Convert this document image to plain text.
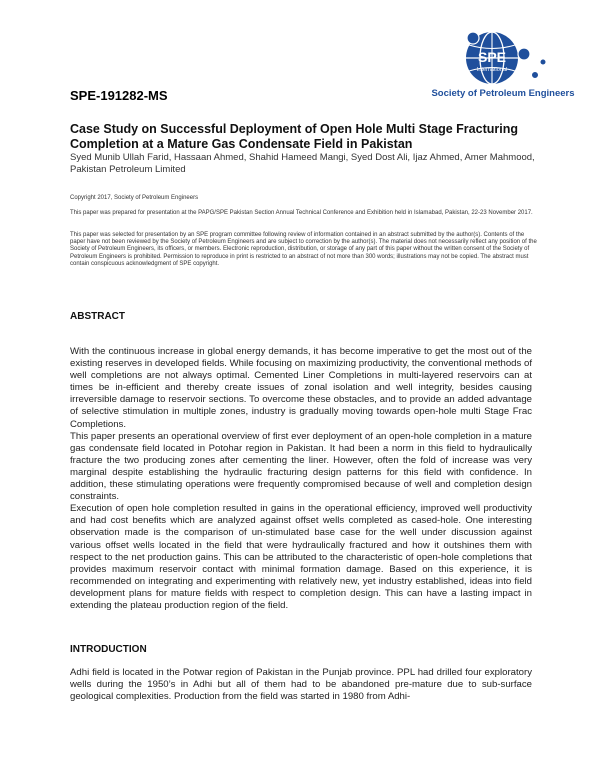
SPE
International
Society of Petroleum Engineers
SPE-191282-MS
Case Study on Successful Deployment of Open Hole Multi Stage Fracturing Completion at a Mature Gas Condensate Field in Pakistan
Syed Munib Ullah Farid, Hassaan Ahmed, Shahid Hameed Mangi, Syed Dost Ali, Ijaz Ahmed, Amer Mahmood, Pakistan Petroleum Limited
Copyright 2017, Society of Petroleum Engineers
This paper was prepared for presentation at the PAPG/SPE Pakistan Section Annual Technical Conference and Exhibition held in Islamabad, Pakistan, 22-23 November 2017.
This paper was selected for presentation by an SPE program committee following review of information contained in an abstract submitted by the author(s). Contents of the paper have not been reviewed by the Society of Petroleum Engineers and are subject to correction by the author(s). The material does not necessarily reflect any position of the Society of Petroleum Engineers, its officers, or members. Electronic reproduction, distribution, or storage of any part of this paper without the written consent of the Society of Petroleum Engineers is prohibited. Permission to reproduce in print is restricted to an abstract of not more than 300 words; illustrations may not be copied. The abstract must contain conspicuous acknowledgment of SPE copyright.
ABSTRACT

With the continuous increase in global energy demands, it has become imperative to get the most out of the existing reserves in developed fields. While focusing on maximizing productivity, the conventional methods of well completions are not always optimal. Cemented Liner Completions in multi-layered reservoirs can at times be in-efficient and thereby create issues of zonal isolation and well integrity, besides causing irreversible damage to reservoir sections. To overcome these obstacles, and to provide an added advantage of selective stimulation in multiple zones, industry is gradually moving towards open-hole multi Stage Frac Completions.

This paper presents an operational overview of first ever deployment of an open-hole completion in a mature gas condensate field located in Potohar region in Pakistan. It had been a norm in this field to hydraulically fracture the two producing zones after cementing the liner. However, often the fold of increase was very marginal despite establishing the hydraulic fracturing design patterns for this field with confidence. In addition, these stimulating operations were frequently compromised because of well and completion design constraints.

Execution of open hole completion resulted in gains in the operational efficiency, improved well productivity and had cost benefits which are analyzed against offset wells completed as cased-hole. One interesting observation made is the comparison of un-stimulated base case for the well under discussion against various offset wells located in the field that were hydraulically fractured and how it outshines them with respect to the net production gains. This can be attributed to the characteristic of open-hole completions that provides maximum reservoir contact with minimal formation damage. Based on this experience, it is recommended on integrating and experimenting with relatively new, yet industry established, ideas into field development plans for mature fields with respect to completion design. This can have a lasting impact in extending the plateau production region of the field.

INTRODUCTION

Adhi field is located in the Potwar region of Pakistan in the Punjab province. PPL had drilled four exploratory wells during the 1950’s in Adhi but all of them had to be abandoned pre-mature due to sub-surface geological complexities. Production from the field was started in 1980 from Adhi-
